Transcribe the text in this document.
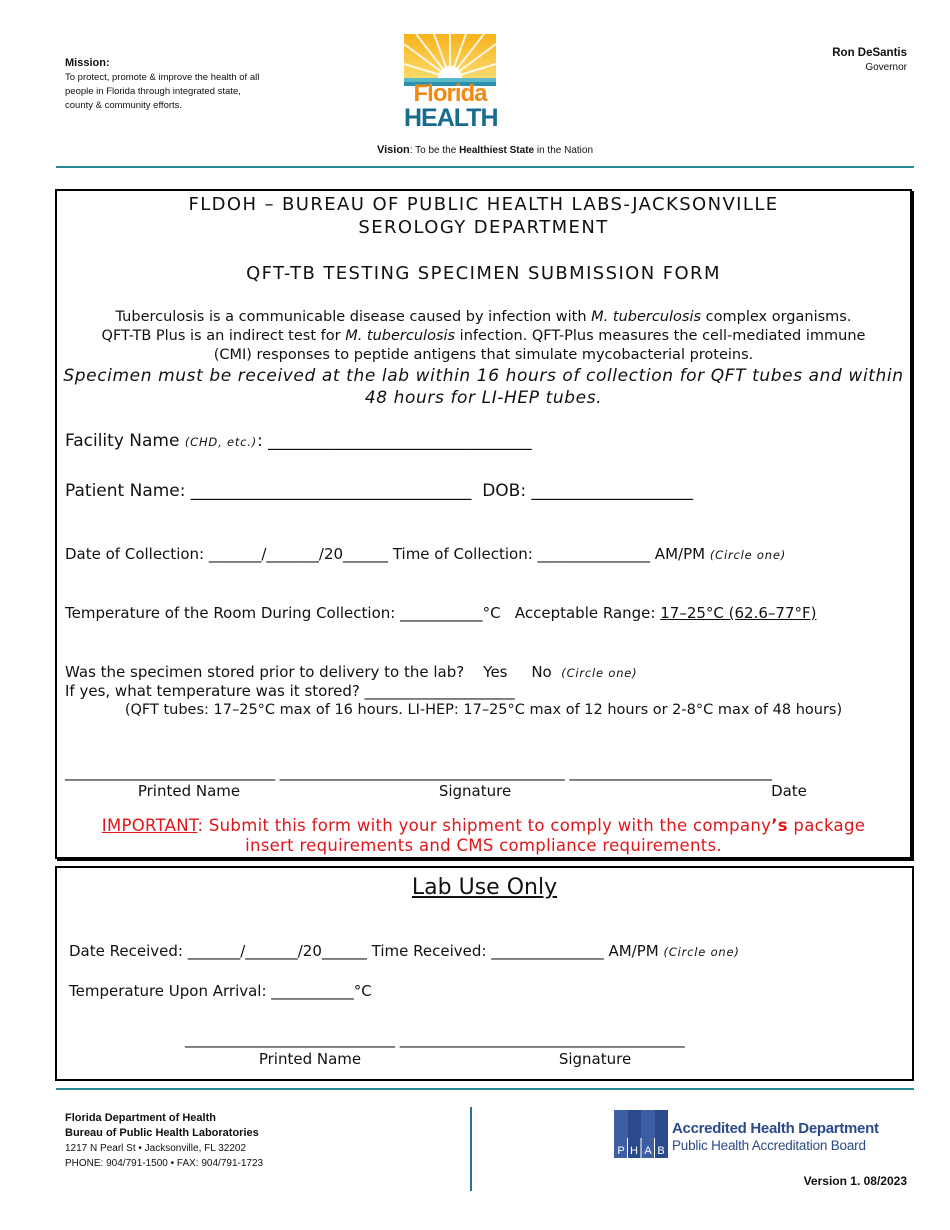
Mission:
To protect, promote & improve the health of all people in Florida through integrated state, county & community efforts.	Florida
HEALTH
Ron DeSantis
Governor
Vision: To be the Healthiest State in the Nation
FLDOH – BUREAU OF PUBLIC HEALTH LABS-JACKSONVILLE
SEROLOGY DEPARTMENT
QFT-TB TESTING SPECIMEN SUBMISSION FORM
Tuberculosis is a communicable disease caused by infection with M. tuberculosis complex organisms.
QFT-TB Plus is an indirect test for M. tuberculosis infection. QFT-Plus measures the cell-mediated immune
(CMI) responses to peptide antigens that simulate mycobacterial proteins.
Specimen must be received at the lab within 16 hours of collection for QFT tubes and within
48 hours for LI-HEP tubes.
Facility Name (CHD, etc.): _______________________________
Patient Name: _________________________________  DOB: ___________________
Date of Collection: _______/_______/20______ Time of Collection: _______________ AM/PM (Circle one)
Temperature of the Room During Collection: ___________°C   Acceptable Range: 17–25°C (62.6–77°F)
Was the specimen stored prior to delivery to the lab?    Yes     No  (Circle one)
If yes, what temperature was it stored? ____________________
(QFT tubes: 17–25°C max of 16 hours. LI-HEP: 17–25°C max of 12 hours or 2-8°C max of 48 hours)
____________________________ ______________________________________ ___________________________
Printed Name	Signature	Date
IMPORTANT: Submit this form with your shipment to comply with the company’s package
insert requirements and CMS compliance requirements.
Lab Use Only
Date Received: _______/_______/20______ Time Received: _______________ AM/PM (Circle one)
Temperature Upon Arrival: ___________°C
____________________________ ______________________________________
Printed Name	Signature
Florida Department of Health
Bureau of Public Health Laboratories
1217 N Pearl St • Jacksonville, FL 32202
PHONE: 904/791-1500 • FAX: 904/791-1723
P H A B
Accredited Health Department
Public Health Accreditation Board
Version 1. 08/2023
